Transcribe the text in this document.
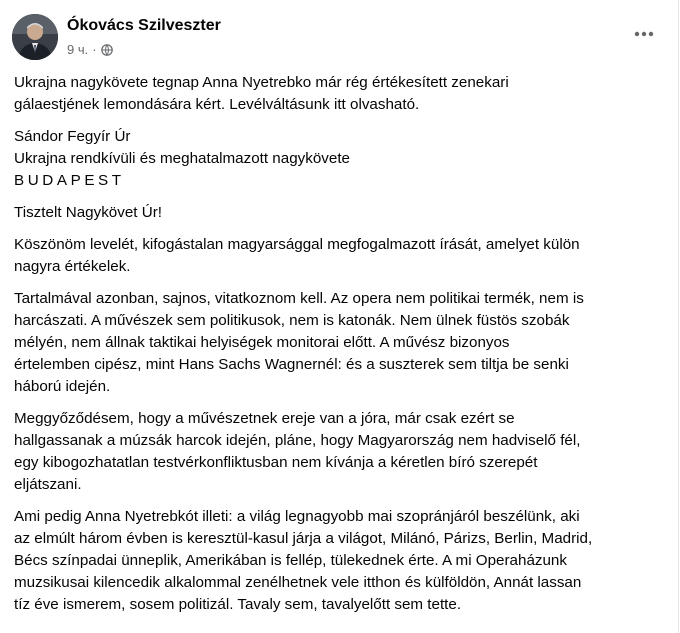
Ókovács Szilveszter
9 ч. ·
Ukrajna nagykövete tegnap Anna Nyetrebko már rég értékesített zenekari
gálaestjének lemondására kért. Levélváltásunk itt olvasható.
Sándor Fegyír Úr
Ukrajna rendkívüli és meghatalmazott nagykövete
BUDAPEST
Tisztelt Nagykövet Úr!
Köszönöm levelét, kifogástalan magyarsággal megfogalmazott írását, amelyet külön
nagyra értékelek.
Tartalmával azonban, sajnos, vitatkoznom kell. Az opera nem politikai termék, nem is
harcászati. A művészek sem politikusok, nem is katonák. Nem ülnek füstös szobák
mélyén, nem állnak taktikai helyiségek monitorai előtt. A művész bizonyos
értelemben cipész, mint Hans Sachs Wagnernél: és a suszterek sem tiltja be senki
háború idején.
Meggyőződésem, hogy a művészetnek ereje van a jóra, már csak ezért se
hallgassanak a múzsák harcok idején, pláne, hogy Magyarország nem hadviselő fél,
egy kibogozhatatlan testvérkonfliktusban nem kívánja a kéretlen bíró szerepét
eljátszani.
Ami pedig Anna Nyetrebkót illeti: a világ legnagyobb mai szopránjáról beszélünk, aki
az elmúlt három évben is keresztül-kasul járja a világot, Milánó, Párizs, Berlin, Madrid,
Bécs színpadai ünneplik, Amerikában is fellép, tülekednek érte. A mi Operaházunk
muzsikusai kilencedik alkalommal zenélhetnek vele itthon és külföldön, Annát lassan
tíz éve ismerem, sosem politizál. Tavaly sem, tavalyelőtt sem tette.
